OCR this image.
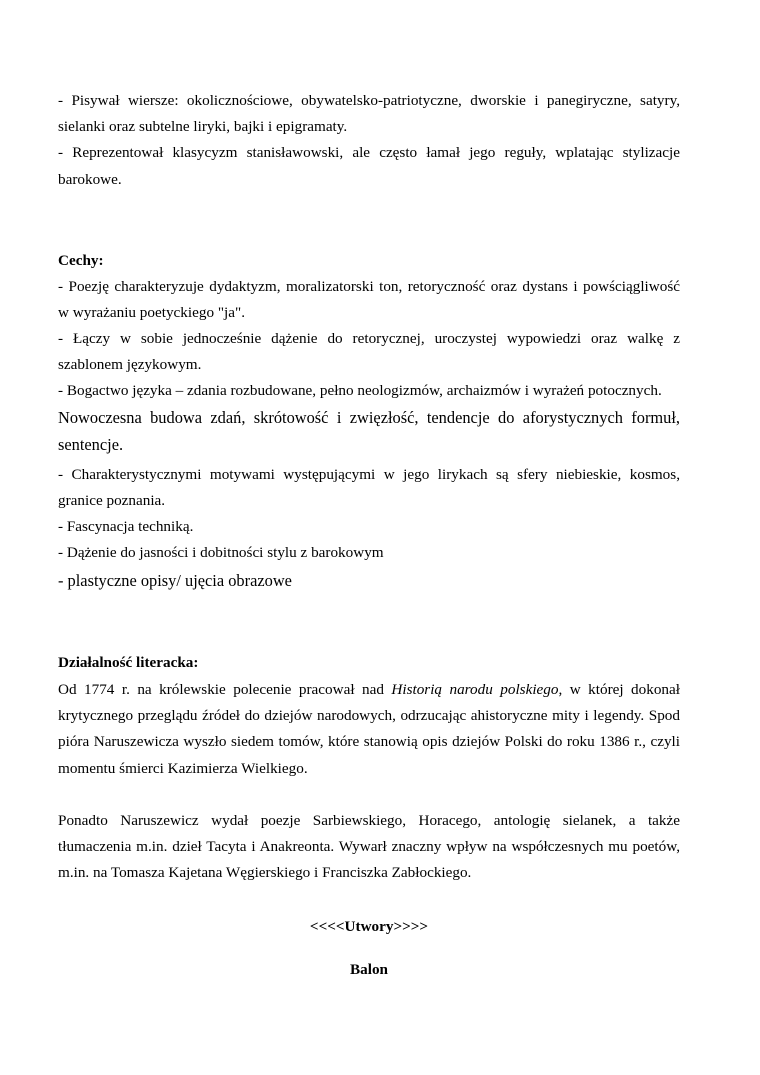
- Pisywał wiersze: okolicznościowe, obywatelsko-patriotyczne, dworskie i panegiryczne, satyry,
sielanki oraz subtelne liryki, bajki i epigramaty.
- Reprezentował klasycyzm stanisławowski, ale często łamał jego reguły, wplatając stylizacje
barokowe.
Cechy:
- Poezję charakteryzuje dydaktyzm, moralizatorski ton, retoryczność oraz dystans i powściągliwość
w wyrażaniu poetyckiego "ja".
- Łączy w sobie jednocześnie dążenie do retorycznej, uroczystej wypowiedzi oraz walkę z
szablonem językowym.
- Bogactwo języka – zdania rozbudowane, pełno neologizmów, archaizmów i wyrażeń potocznych.
Nowoczesna budowa zdań, skrótowość i zwięzłość, tendencje do aforystycznych formuł,
sentencje.
- Charakterystycznymi motywami występującymi w jego lirykach są sfery niebieskie, kosmos,
granice poznania.
- Fascynacja techniką.
- Dążenie do jasności i dobitności stylu z barokowym
- plastyczne opisy/ ujęcia obrazowe
Działalność literacka:
Od 1774 r. na królewskie polecenie pracował nad Historią narodu polskiego, w której dokonał
krytycznego przeglądu źródeł do dziejów narodowych, odrzucając ahistoryczne mity i legendy. Spod
pióra Naruszewicza wyszło siedem tomów, które stanowią opis dziejów Polski do roku 1386 r., czyli
momentu śmierci Kazimierza Wielkiego.
Ponadto Naruszewicz wydał poezje Sarbiewskiego, Horacego, antologię sielanek, a także
tłumaczenia m.in. dzieł Tacyta i Anakreonta. Wywarł znaczny wpływ na współczesnych mu poetów,
m.in. na Tomasza Kajetana Węgierskiego i Franciszka Zabłockiego.
<<<<Utwory>>>>
Balon
